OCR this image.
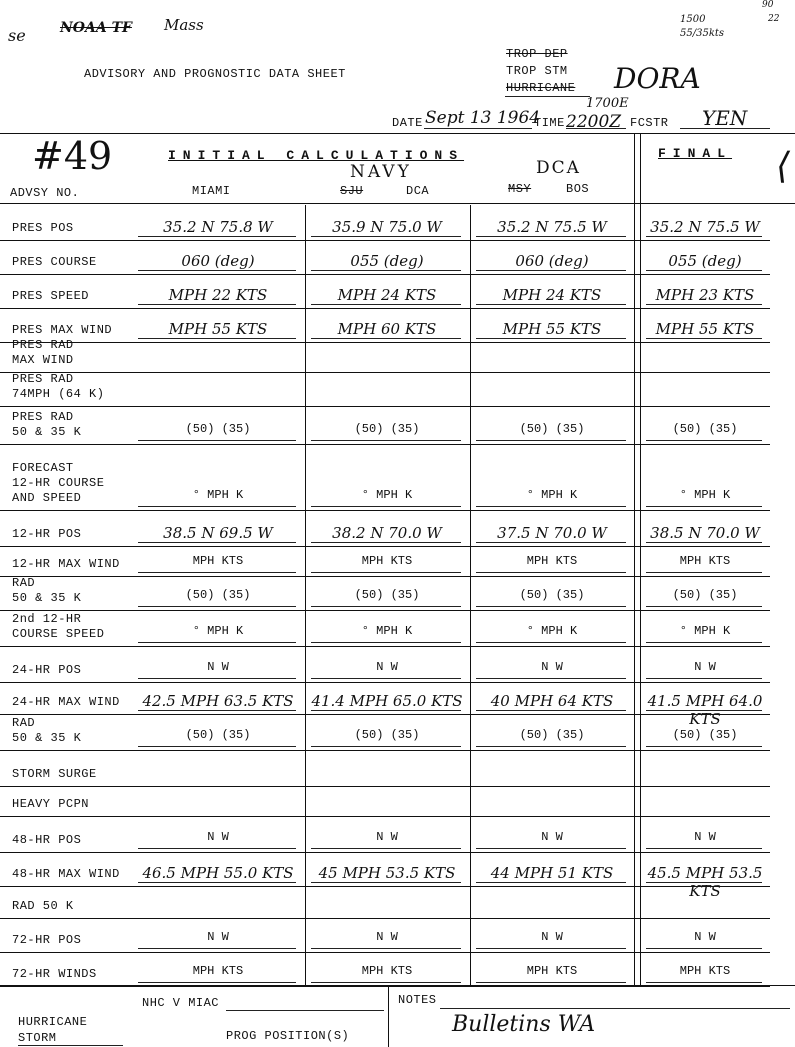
se NOAA TF Mass	1500
55/35kts
90
22
ADVISORY AND PROGNOSTIC DATA SHEET
TROP DEP
TROP STM
HURRICANE DORA
DATE Sept 13 1964
TIME
1700E
2200Z FCSTR YEN
⟨
#49
ADVSY NO.
INITIAL CALCULATIONS	FINAL
MIAMI	SJU
NAVY
DCA	MSY
DCA
BOS
PRES POS	35.2 N 75.8 W	35.9 N 75.0 W	35.2 N 75.5 W	35.2 N 75.5 W
PRES COURSE	060 (deg)	055 (deg)	060 (deg)	055 (deg)
PRES SPEED	MPH 22 KTS	MPH 24 KTS	MPH 24 KTS	MPH 23 KTS
PRES MAX WIND	MPH 55 KTS	MPH 60 KTS	MPH 55 KTS	MPH 55 KTS
PRES RAD
MAX WIND
PRES RAD
74MPH (64 K)
PRES RAD
50 & 35 K	(50) (35)	(50) (35)	(50) (35)	(50) (35)
FORECAST
12-HR COURSE
AND SPEED	° MPH K	° MPH K	° MPH K	° MPH K
12-HR POS	38.5 N 69.5 W	38.2 N 70.0 W	37.5 N 70.0 W	38.5 N 70.0 W
12-HR MAX WIND	MPH KTS	MPH KTS	MPH KTS	MPH KTS
RAD
50 & 35 K	(50) (35)	(50) (35)	(50) (35)	(50) (35)
2nd 12-HR
COURSE SPEED	° MPH K	° MPH K	° MPH K	° MPH K
24-HR POS	N W	N W	N W	N W
24-HR MAX WIND	42.5 MPH 63.5 KTS	41.4 MPH 65.0 KTS	40 MPH 64 KTS	41.5 MPH 64.0 KTS
RAD
50 & 35 K	(50) (35)	(50) (35)	(50) (35)	(50) (35)
STORM SURGE
HEAVY PCPN
48-HR POS	N W	N W	N W	N W
48-HR MAX WIND	46.5 MPH 55.0 KTS	45 MPH 53.5 KTS	44 MPH 51 KTS	45.5 MPH 53.5 KTS
RAD 50 K
72-HR POS	N W	N W	N W	N W
72-HR WINDS	MPH KTS	MPH KTS	MPH KTS	MPH KTS
NHC V MIAC
HURRICANE
STORM	PROG POSITION(S)
NOTES
Bulletins WA
